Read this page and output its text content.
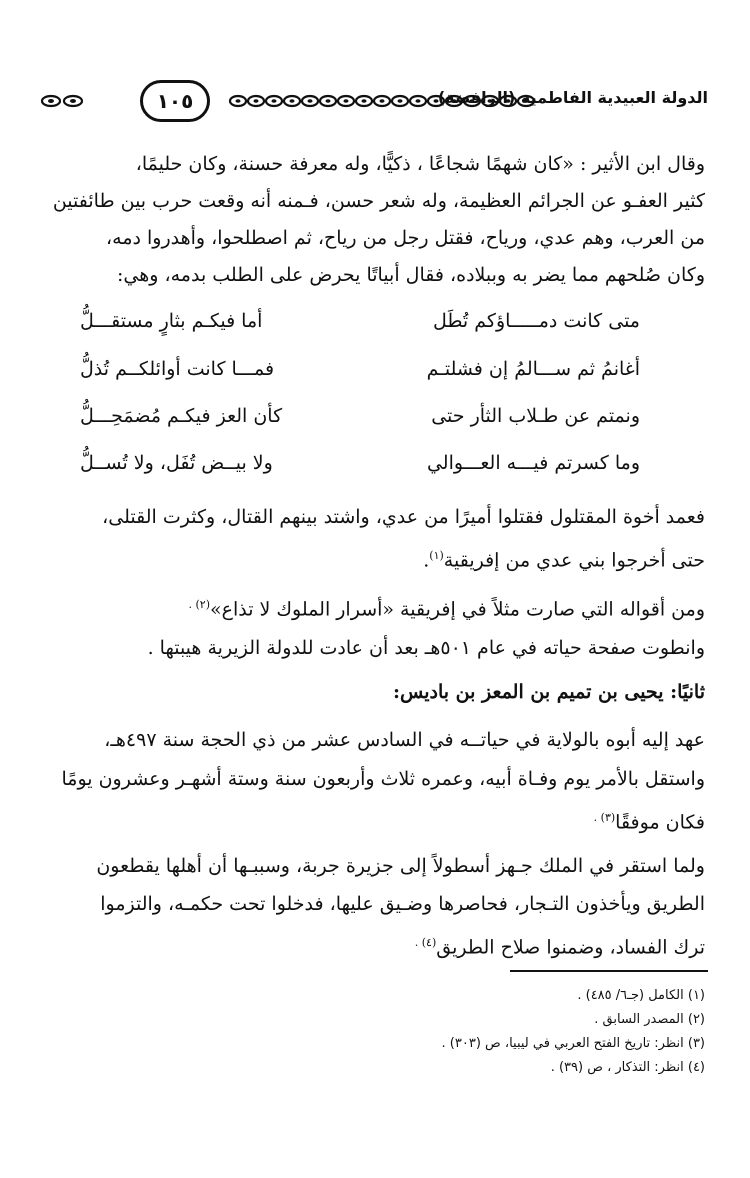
١٠٥	الدولة العبيدية الفاطمية (الرافضة)
وقال ابن الأثير : «كان شهمًا شجاعًا ، ذكيًّا، وله معرفة حسنة، وكان حليمًا،
كثير العفـو عن الجرائم العظيمة، وله شعر حسن، فـمنه أنه وقعت حرب بين طائفتين
من العرب، وهم عدي، ورياح، فقتل رجل من رياح، ثم اصطلحوا، وأهدروا دمه،
وكان صُلحهم مما يضر به وببلاده، فقال أبياتًا يحرض على الطلب بدمه، وهي:
متى كانت دمـــــاؤكم تُطَل
أما فيكـم بثارٍ مستقـــلُّ
أغانمُ ثم ســـالمُ إن فشلتـم
فمـــا كانت أوائلكــم تُذلُّ
ونمتم عن طـلاب الثأر حتى
كأن العز فيكـم مُضمَحِـــلُّ
وما كسرتم فيـــه العـــوالي
ولا بيــض تُفَل، ولا تُســلُّ
فعمد أخوة المقتلول فقتلوا أميرًا من عدي، واشتد بينهم القتال، وكثرت القتلى،
حتى أخرجوا بني عدي من إفريقية$^{(١)}$.
ومن أقواله التي صارت مثلاً في إفريقية «أسرار الملوك لا تذاع»$^{(٢) .}$
وانطوت صفحة حياته في عام ٥٠١هـ بعد أن عادت للدولة الزيرية هيبتها .
ثانيًا: يحيى بن تميم بن المعز بن باديس:
عهد إليه أبوه بالولاية في حياتــه في السادس عشر من ذي الحجة سنة ٤٩٧هـ،
واستقل بالأمر يوم وفـاة أبيه، وعمره ثلاث وأربعون سنة وستة أشهـر وعشرون يومًا
فكان موفقًا$^{(٣) .}$
ولما استقر في الملك جـهز أسطولاً إلى جزيرة جربة، وسببـها أن أهلها يقطعون
الطريق ويأخذون التـجار، فحاصرها وضـيق عليها، فدخلوا تحت حكمـه، والتزموا
ترك الفساد، وضمنوا صلاح الطريق$^{(٤) .}$
(١) الكامل (جـ٦/ ٤٨٥) .
(٢) المصدر السابق .
(٣) انظر: تاريخ الفتح العربي في ليبيا، ص (٣٠٣) .
(٤) انظر: التذكار ، ص (٣٩) .
